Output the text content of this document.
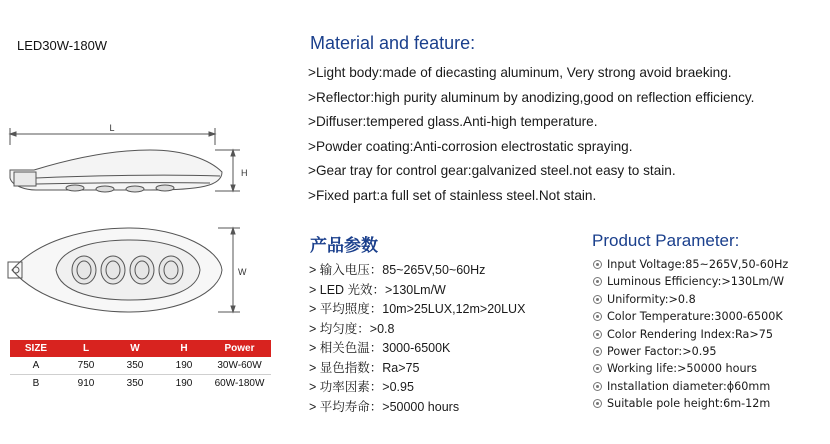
LED30W-180W
L
H
W
SIZE	L	W	H	Power
A	750	350	190	30W-60W
B	910	350	190	60W-180W
Material and feature:
>Light body:made of diecasting aluminum, Very strong avoid braeking.
>Reflector:high purity aluminum by anodizing,good on reflection efficiency.
>Diffuser:tempered glass.Anti-high temperature.
>Powder coating:Anti-corrosion electrostatic spraying.
>Gear tray for control gear:galvanized steel.not easy to stain.
>Fixed part:a full set of stainless steel.Not stain.
产品参数
> 输入电压：85~265V,50~60Hz
> LED 光效：>130Lm/W
> 平均照度：10m>25LUX,12m>20LUX
> 均匀度：>0.8
> 相关色温：3000-6500K
> 显色指数：Ra>75
> 功率因素：>0.95
> 平均寿命：>50000 hours
Product Parameter:
Input Voltage:85~265V,50-60Hz
Luminous Efficiency:>130Lm/W
Uniformity:>0.8
Color Temperature:3000-6500K
Color Rendering Index:Ra>75
Power Factor:>0.95
Working life:>50000 hours
Installation diameter:ϕ60mm
Suitable pole height:6m-12m
